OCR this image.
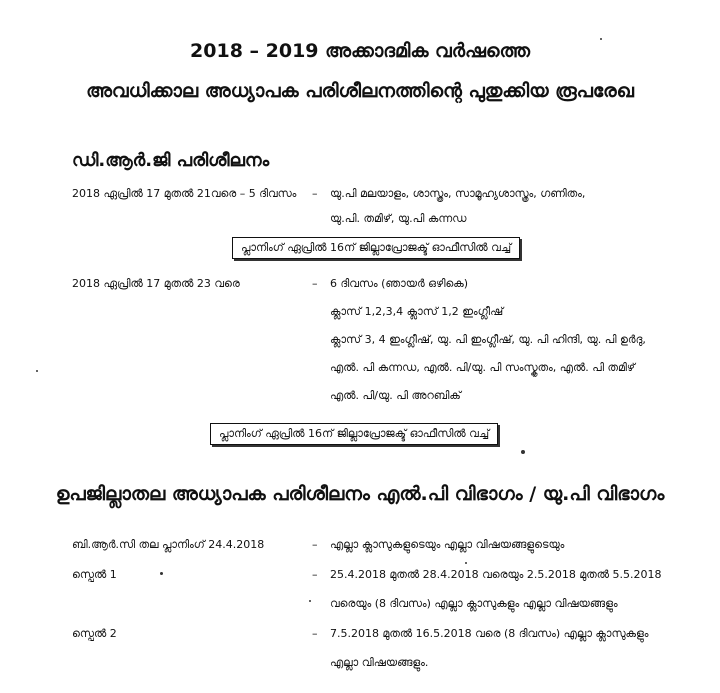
2018 – 2019 അക്കാദമിക വർഷത്തെ
അവധിക്കാല അധ്യാപക പരിശീലനത്തിന്റെ പുതുക്കിയ രൂപരേഖ
ഡി.ആർ.ജി പരിശീലനം
2018 ഏപ്രിൽ 17 മുതൽ 21വരെ – 5 ദിവസം – യു.പി മലയാളം, ശാസ്ത്രം, സാമൂഹ്യശാസ്ത്രം, ഗണിതം,
യു.പി. തമിഴ്, യു.പി കന്നഡ
പ്ലാനിംഗ് ഏപ്രിൽ 16ന് ജില്ലാപ്രോജക്ട് ഓഫീസിൽ വച്ച്
2018 ഏപ്രിൽ 17 മുതൽ 23 വരെ	– 6 ദിവസം (ഞായർ ഒഴികെ)
ക്ലാസ് 1,2,3,4 ക്ലാസ് 1,2 ഇംഗ്ലീഷ്
ക്ലാസ് 3, 4 ഇംഗ്ലീഷ്, യു. പി ഇംഗ്ലീഷ്, യു. പി ഹിന്ദി, യു. പി ഉർദു,
എൽ. പി കന്നഡ, എൽ. പി/യു. പി സംസ്കൃതം, എൽ. പി തമിഴ്
എൽ. പി/യു. പി അറബിക്
പ്ലാനിംഗ് ഏപ്രിൽ 16ന് ജില്ലാപ്രോജക്ട് ഓഫീസിൽ വച്ച്
ഉപജില്ലാതല അധ്യാപക പരിശീലനം എൽ.പി വിഭാഗം / യു.പി വിഭാഗം
ബി.ആർ.സി തല പ്ലാനിംഗ് 24.4.2018	– എല്ലാ ക്ലാസുകളുടെയും എല്ലാ വിഷയങ്ങളുടെയും
സ്പെൽ 1	– 25.4.2018 മുതൽ 28.4.2018 വരെയും 2.5.2018 മുതൽ 5.5.2018
വരെയും (8 ദിവസം) എല്ലാ ക്ലാസുകളും എല്ലാ വിഷയങ്ങളും
സ്പെൽ 2	– 7.5.2018 മുതൽ 16.5.2018 വരെ (8 ദിവസം) എല്ലാ ക്ലാസുകളും
എല്ലാ വിഷയങ്ങളും.
